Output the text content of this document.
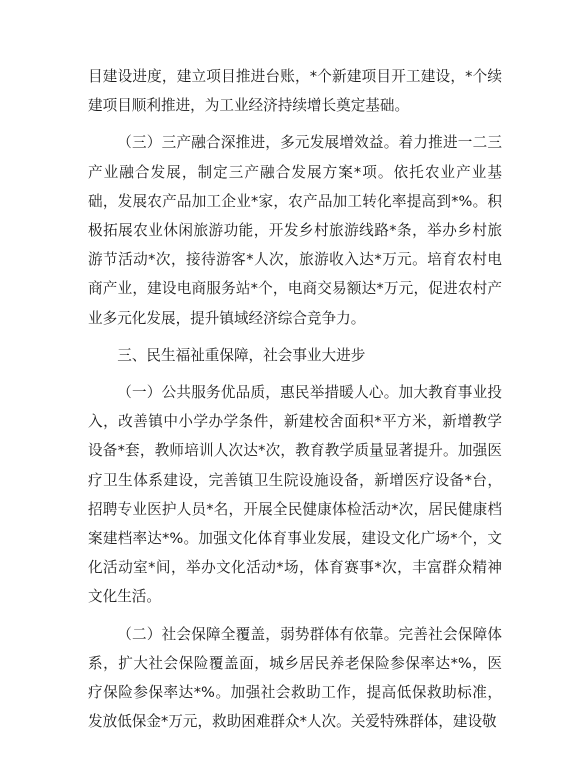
目建设进度，建立项目推进台账，*个新建项目开工建设，*个续建项目顺利推进，为工业经济持续增长奠定基础。

（三）三产融合深推进，多元发展增效益。着力推进一二三产业融合发展，制定三产融合发展方案*项。依托农业产业基础，发展农产品加工企业*家，农产品加工转化率提高到*%。积极拓展农业休闲旅游功能，开发乡村旅游线路*条，举办乡村旅游节活动*次，接待游客*人次，旅游收入达*万元。培育农村电商产业，建设电商服务站*个，电商交易额达*万元，促进农村产业多元化发展，提升镇域经济综合竞争力。

三、民生福祉重保障，社会事业大进步

（一）公共服务优品质，惠民举措暖人心。加大教育事业投入，改善镇中小学办学条件，新建校舍面积*平方米，新增教学设备*套，教师培训人次达*次，教育教学质量显著提升。加强医疗卫生体系建设，完善镇卫生院设施设备，新增医疗设备*台，招聘专业医护人员*名，开展全民健康体检活动*次，居民健康档案建档率达*%。加强文化体育事业发展，建设文化广场*个，文化活动室*间，举办文化活动*场，体育赛事*次，丰富群众精神文化生活。

（二）社会保障全覆盖，弱势群体有依靠。完善社会保障体系，扩大社会保险覆盖面，城乡居民养老保险参保率达*%，医疗保险参保率达*%。加强社会救助工作，提高低保救助标准，发放低保金*万元，救助困难群众*人次。关爱特殊群体，建设敬
